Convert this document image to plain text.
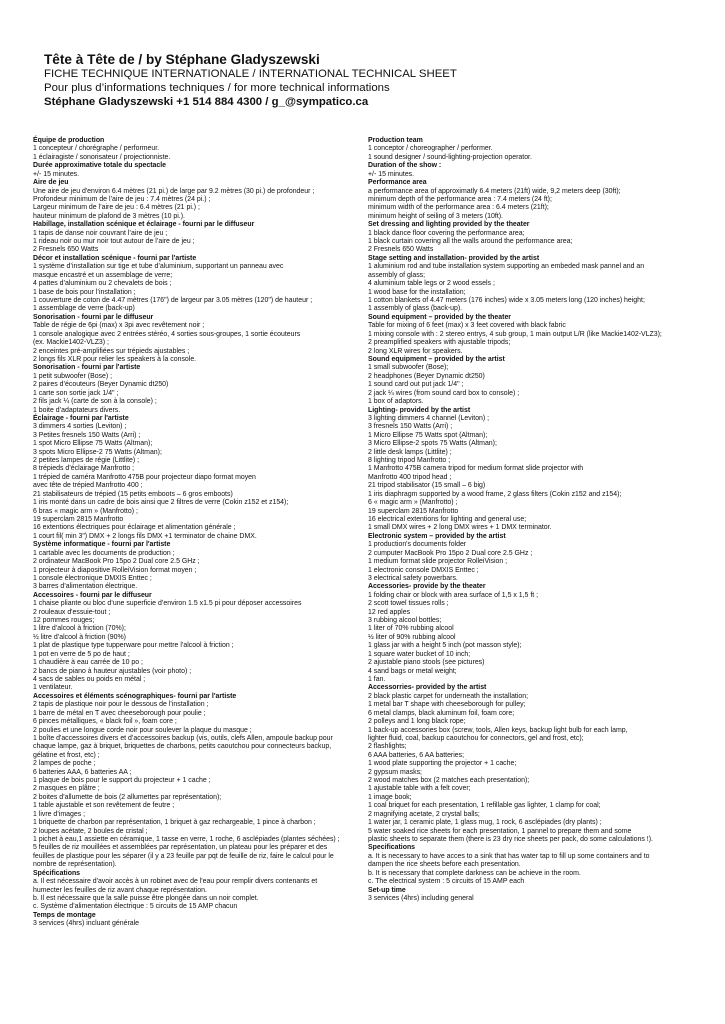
Tête à Tête de / by Stéphane Gladyszewski

FICHE TECHNIQUE INTERNATIONALE / INTERNATIONAL TECHNICAL SHEET

Pour plus d’informations techniques / for more technical informations

Stéphane Gladyszewski +1 514 884 4300 / g_@sympatico.ca

Équipe de production
1 concepteur / chorégraphe / performeur.
1 éclairagiste / sonorisateur / projectionniste.
Durée approximative totale du spectacle
+/- 15 minutes.
Aire de jeu
Une aire de jeu d'environ 6.4 mètres (21 pi.) de large par 9.2 mètres (30 pi.) de profondeur ;
Profondeur minimum de l’aire de jeu : 7.4 mètres (24 pi.) ;
Largeur minimum de l’aire de jeu : 6.4 mètres (21 pi.) ;
hauteur minimum de plafond de 3 mètres (10 pi.).
Habillage, installation scénique et éclairage - fourni par le diffuseur
1 tapis de danse noir couvrant l’aire de jeu ;
1 rideau noir ou mur noir tout autour de l’aire de jeu ;
2 Fresnels 650 Watts
Décor et installation scénique - fourni par l'artiste
1 système d’installation sur tige et tube d’aluminium, supportant un panneau avec
masque encastré et un assemblage de verre;
4 pattes d’aluminium ou 2 chevalets de bois ;
1 base de bois pour l’installation ;
1 couverture de coton de 4.47 mètres (176") de largeur par 3.05 mètres (120") de hauteur ;
1 assemblage de verre (back-up)
Sonorisation - fourni par le diffuseur
Table de régie de 6pi (max) x 3pi avec revêtement noir ;
1 console analogique avec 2 entrées stéréo, 4 sorties sous-groupes, 1 sortie écouteurs
(ex. Mackie1402-VLZ3) ;
2 enceintes pré-amplifiées sur trépieds ajustables ;
2 longs fils XLR pour relier les speakers à la console.
Sonorisation - fourni par l'artiste
1 petit subwoofer (Bose) ;
2 paires d’écouteurs (Beyer Dynamic dt250)
1 carte son sortie jack 1/4" ;
2 fils jack ¼ (carte de son à la console) ;
1 boite d’adaptateurs divers.
Éclairage - fourni par l'artiste
3 dimmers 4 sorties (Leviton) ;
3 Petites fresnels 150 Watts (Arri) ;
1 spot Micro Ellipse 75 Watts (Altman);
3 spots Micro Ellipse-2 75 Watts (Altman);
2 petites lampes de régie (Littlite) ;
8 trépieds d’éclairage Manfrotto ;
1 trépied de caméra Manfrotto 475B pour projecteur diapo format moyen
avec tête de trépied Manfrotto 400 ;
21 stabilisateurs de trépied (15 petits emboots – 6 gros emboots)
1 iris monté dans un cadre de bois ainsi que 2 filtres de verre (Cokin z152 et z154);
6 bras « magic arm » (Manfrotto) ;
19 superclam 2815 Manfrotto
16 extentions électriques pour éclairage et alimentation générale ;
1 court fil( min 3") DMX + 2 longs fils DMX +1 terminator de chaine DMX.
Système informatique - fourni par l'artiste
1 cartable avec les documents de production ;
2 ordinateur MacBook Pro 15po 2 Dual core 2.5 GHz ;
1 projecteur à diapositive RolleiVision format moyen ;
1 console électronique DMXIS Enttec ;
3 barres d’alimentation électrique.
Accessoires - fourni par le diffuseur
1 chaise pliante ou bloc d’une superficie d’environ 1.5 x1.5 pi pour déposer accessoires
2 rouleaux d'essuie-tout ;
12 pommes rouges;
1 litre d’alcool à friction (70%);
½ litre d’alcool à friction (90%)
1 plat de plastique type tupperware pour mettre l’alcool à friction ;
1 pot en verre de 5 po de haut ;
1 chaudière à eau carrée de 10 po ;
2 bancs de piano à hauteur ajustables (voir photo) ;
4 sacs de sables ou poids en métal ;
1 ventilateur.
Accessoires et éléments scénographiques- fourni par l'artiste
2 tapis de plastique noir pour le dessous de l’installation ;
1 barre de métal en T avec cheeseborough pour poulie ;
6 pinces métalliques, « black foil », foam core ;
2 poulies et une longue corde noir pour soulever la plaque du masque ;
1 boîte d'accessoires divers et d’accessoires backup (vis, outils, clefs Allen, ampoule backup pour
chaque lampe, gaz à briquet, briquettes de charbons, petits caoutchou pour connecteurs backup,
gélatine et frost, etc) ;
2 lampes de poche ;
6 batteries AAA, 6 batteries AA ;
1 plaque de bois pour le support du projecteur + 1 cache ;
2 masques en plâtre ;
2 boites d’allumette de bois (2 allumettes par représentation);
1 table ajustable et son revêtement de feutre ;
1 livre d’images ;
1 briquette de charbon par représentation, 1 briquet à gaz rechargeable, 1 pince à charbon ;
2 loupes acétate, 2 boules de cristal ;
1 pichet à eau,1 assiette en céramique, 1 tasse en verre, 1 roche, 6 asclépiades (plantes séchées) ;
5 feuilles de riz mouillées et assemblées par représentation, un plateau pour les préparer et des
feuilles de plastique pour les séparer (il y a 23 feuille par pqt de feuille de riz, faire le calcul pour le
nombre de représentation).
Spécifications
a. Il est nécessaire d'avoir accès à un robinet avec de l'eau pour remplir divers contenants et
humecter les feuilles de riz avant chaque représentation.
b. Il est nécessaire que la salle puisse être plongée dans un noir complet.
c. Système d’alimentation électrique : 5 circuits de 15 AMP chacun
Temps de montage
3 services (4hrs) incluant générale
Production team
1 conceptor / choreographer / performer.
1 sound designer / sound-lighting-projection operator.
Duration of the show :
+/- 15 minutes.
Performance area
a performance area of approximatly 6.4 meters (21ft) wide, 9,2 meters deep (30ft);
minimum depth of the performance area : 7.4 meters (24 ft);
minimum width of the performance area : 6.4 meters (21ft);
minimum height of seiling of 3 meters (10ft).
Set dressing and lighting provided by the theater
1 black dance floor covering the performance area;
1 black curtain covering all the walls around the performance area;
2 Fresnels 650 Watts
Stage setting and installation- provided by the artist
1 aluminium rod and tube installation system supporting an embeded mask pannel and an
assembly of glass;
4 aluminium table legs or 2 wood essels ;
1 wood base for the installation;
1 cotton blankets of 4.47 meters (176 inches) wide x 3.05 meters long (120 inches) height;
1 assembly of glass (back-up).
Sound equipment – provided by the theater
Table for mixing of 6 feet (max) x 3 feet covered with black fabric
1 mixing console with : 2 stereo entrys, 4 sub group, 1 main output L/R (like Mackie1402-VLZ3);
2 preamplified speakers with ajustable tripods;
2 long XLR wires for speakers.
Sound equipment – provided by the artist
1 small subwoofer (Bose);
2 headphones (Beyer Dynamic dt250)
1 sound card out put jack 1/4" ;
2 jack ¼ wires (from sound card box to console) ;
1 box of adaptors.
Lighting- provided by the artist
3 lighting dimmers 4 channel (Leviton) ;
3 fresnels 150 Watts (Arri) ;
1 Micro Ellipse 75 Watts spot (Altman);
3 Micro Ellipse-2 spots 75 Watts (Altman);
2 little desk lamps (Littlite) ;
8 lighting tripod Manfrotto ;
1 Manfrotto 475B camera tripod for medium format slide projector with
Manfrotto 400 tripod head ;
21 tripod stabilisator (15 small – 6 big)
1 iris diaphragm supported by a wood frame, 2 glass filters (Cokin z152 and z154);
6 « magic arm » (Manfrotto) ;
19 superclam 2815 Manfrotto
16 electrical extentions for lighting and general use;
1 small DMX wires + 2 long DMX wires + 1 DMX terminator.
Electronic system – provided by the artist
1 production's documents folder
2 cumputer MacBook Pro 15po 2 Dual core 2.5 GHz ;
1 medium format slide projector RolleiVision ;
1 electronic console DMXIS Enttec ;
3 electrical safety powerbars.
Accessories- provide by the theater
1 folding chair or block with area surface of 1,5 x 1,5 ft ;
2 scott towel tissues rolls ;
12 red apples
3 rubbing alcool bottles;
1 liter of 70% rubbing alcool
½ liter of 90% rubbing alcool
1 glass jar with a height 5 inch (pot masson style);
1 square water bucket of 10 inch;
2 ajustable piano stools (see pictures)
4 sand bags or metal weight;
1 fan.
Accessorries- provided by the artist
2 black plastic carpet for underneath the installation;
1 metal bar T shape with cheeseborough for pulley;
6 metal clamps, black aluminum foil, foam core;
2 polleys and 1 long black rope;
1 back-up accessories box (screw, tools, Allen keys, backup light bulb for each lamp,
lighter fluid, coal, backup caoutchou for connectors, gel and frost, etc);
2 flashlights;
6 AAA batteries, 6 AA batteries;
1 wood plate supporting the projector + 1 cache;
2 gypsum masks;
2 wood matches box (2 matches each presentation);
1 ajustable table with a felt cover;
1 image book;
1 coal briquet for each presentation, 1 refillable gas lighter, 1 clamp for coal;
2 magnifying acetate, 2 crystal balls;
1 water jar, 1 ceramic plate, 1 glass mug, 1 rock, 6 asclépiades (dry plants) ;
5 water soaked rice sheets for each presentation, 1 pannel to prepare them and some
plastic sheets to separate them (there is 23 dry rice sheets per pack, do some calculations !).
Specifications
a. It is necessary to have acces to a sink that has water tap to fill up some containers and to
dampen the rice sheets before each presentation.
b. It is necessary that complete darkness can be achieve in the room.
c. The electrical system : 5 circuits of 15 AMP each
Set-up time
3 services (4hrs) including general
